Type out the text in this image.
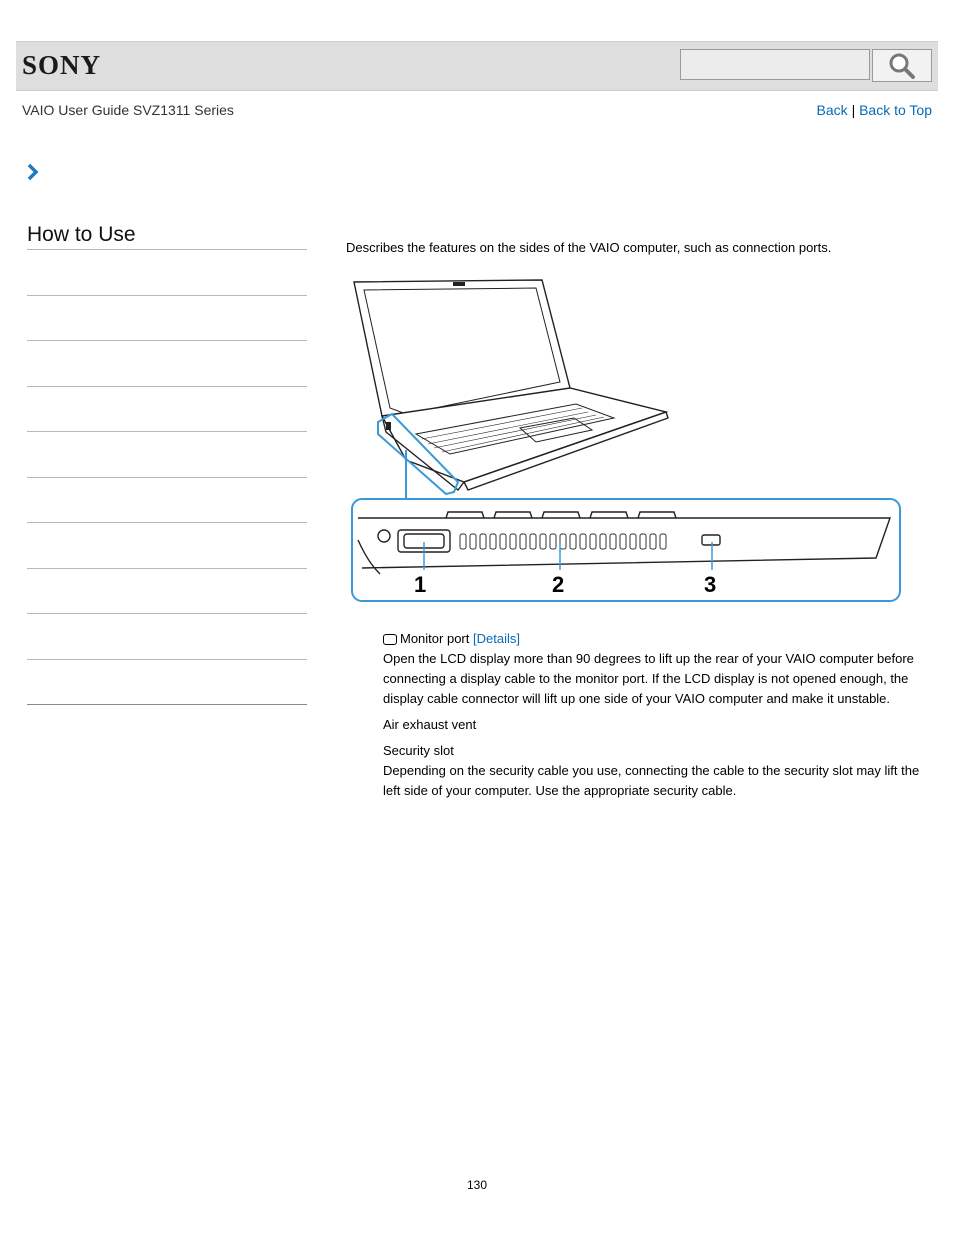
SONY
VAIO User Guide SVZ1311 Series	Back | Back to Top
How to Use
Describes the features on the sides of the VAIO computer, such as connection ports.
1	2	3

Monitor port [Details]

Open the LCD display more than 90 degrees to lift up the rear of your VAIO computer before connecting a display cable to the monitor port. If the LCD display is not opened enough, the display cable connector will lift up one side of your VAIO computer and make it unstable.

Air exhaust vent

Security slot

Depending on the security cable you use, connecting the cable to the security slot may lift the left side of your computer. Use the appropriate security cable.

130
